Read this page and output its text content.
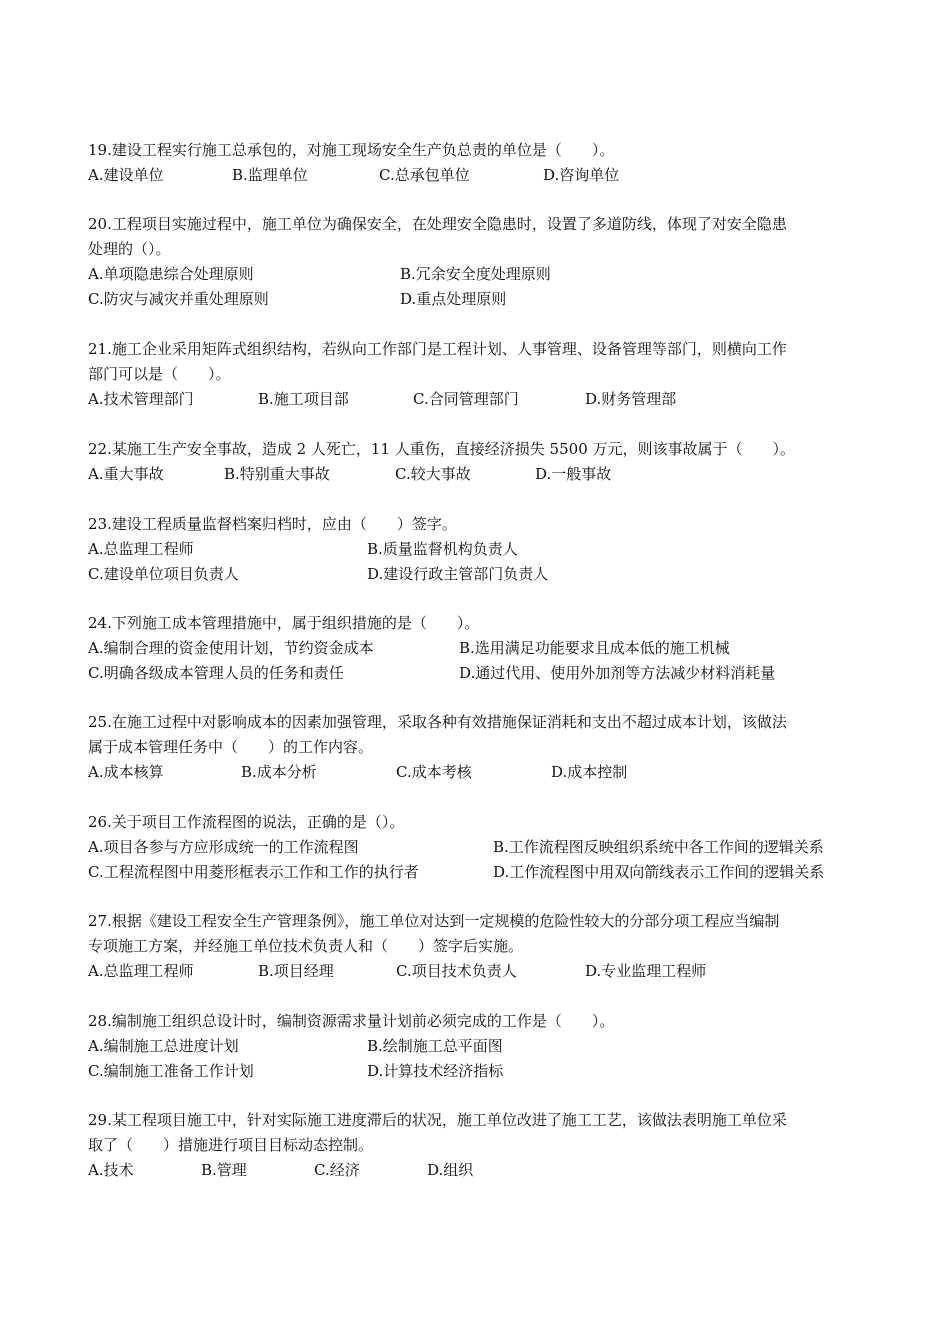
19.建设工程实行施工总承包的，对施工现场安全生产负总责的单位是（　　）。
A.建设单位	B.监理单位	C.总承包单位	D.咨询单位
20.工程项目实施过程中，施工单位为确保安全，在处理安全隐患时，设置了多道防线，体现了对安全隐患
处理的（）。
A.单项隐患综合处理原则	B.冗余安全度处理原则
C.防灾与减灾并重处理原则	D.重点处理原则
21.施工企业采用矩阵式组织结构，若纵向工作部门是工程计划、人事管理、设备管理等部门，则横向工作
部门可以是（　　）。
A.技术管理部门	B.施工项目部	C.合同管理部门	D.财务管理部
22.某施工生产安全事故，造成 2 人死亡，11 人重伤，直接经济损失 5500 万元，则该事故属于（　　）。
A.重大事故	B.特别重大事故	C.较大事故	D.一般事故
23.建设工程质量监督档案归档时，应由（　　）签字。
A.总监理工程师	B.质量监督机构负责人
C.建设单位项目负责人	D.建设行政主管部门负责人
24.下列施工成本管理措施中，属于组织措施的是（　　）。
A.编制合理的资金使用计划，节约资金成本	B.选用满足功能要求且成本低的施工机械
C.明确各级成本管理人员的任务和责任	D.通过代用、使用外加剂等方法减少材料消耗量
25.在施工过程中对影响成本的因素加强管理，采取各种有效措施保证消耗和支出不超过成本计划，该做法
属于成本管理任务中（　　）的工作内容。
A.成本核算	B.成本分析	C.成本考核	D.成本控制
26.关于项目工作流程图的说法，正确的是（）。
A.项目各参与方应形成统一的工作流程图	B.工作流程图反映组织系统中各工作间的逻辑关系
C.工程流程图中用菱形框表示工作和工作的执行者	D.工作流程图中用双向箭线表示工作间的逻辑关系
27.根据《建设工程安全生产管理条例》，施工单位对达到一定规模的危险性较大的分部分项工程应当编制
专项施工方案，并经施工单位技术负责人和（　　）签字后实施。
A.总监理工程师	B.项目经理	C.项目技术负责人	D.专业监理工程师
28.编制施工组织总设计时，编制资源需求量计划前必须完成的工作是（　　）。
A.编制施工总进度计划	B.绘制施工总平面图
C.编制施工准备工作计划	D.计算技术经济指标
29.某工程项目施工中，针对实际施工进度滞后的状况，施工单位改进了施工工艺，该做法表明施工单位采
取了（　　）措施进行项目目标动态控制。
A.技术	B.管理	C.经济	D.组织
